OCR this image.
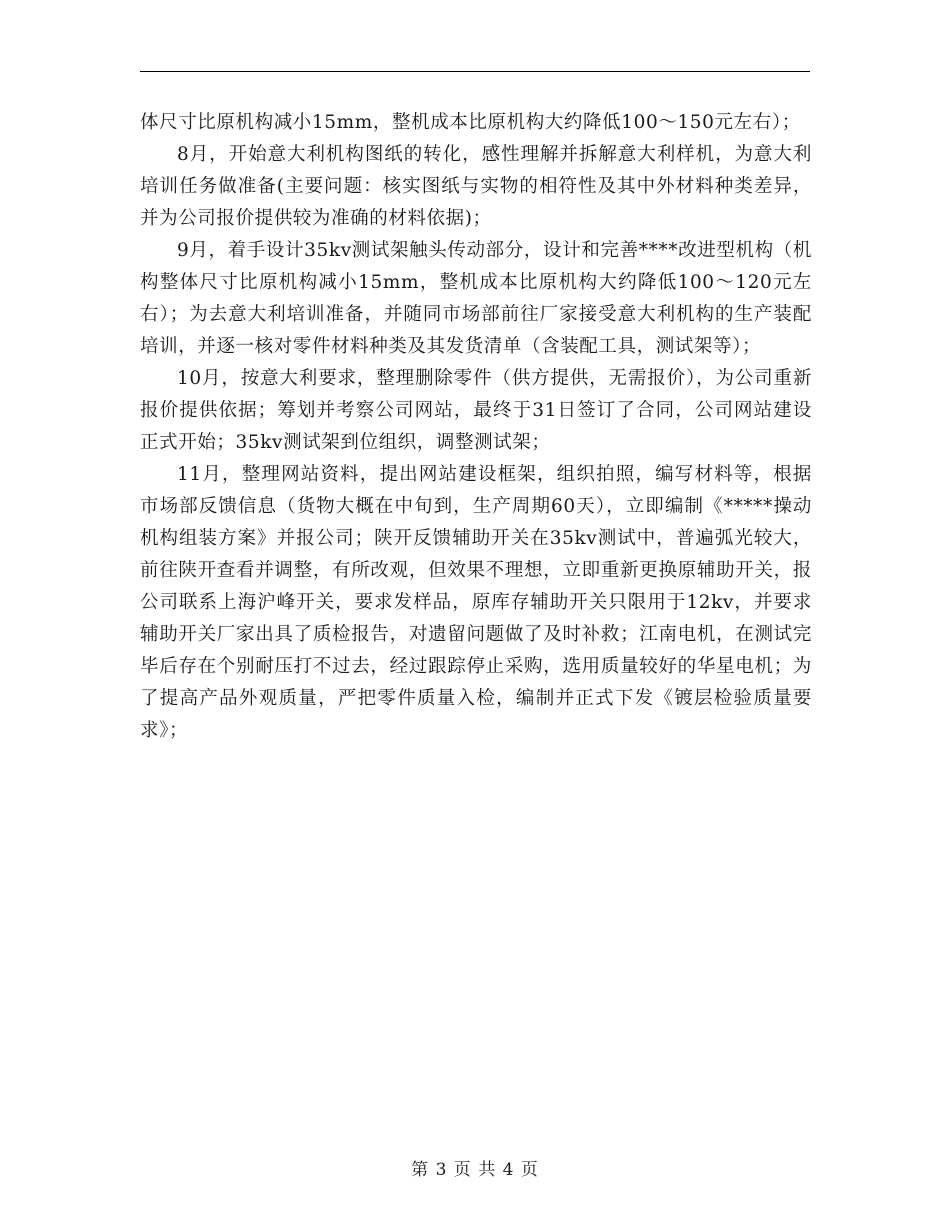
体尺寸比原机构减小15mm，整机成本比原机构大约降低100～150元左右）；

8月，开始意大利机构图纸的转化，感性理解并拆解意大利样机，为意大利培训任务做准备(主要问题：核实图纸与实物的相符性及其中外材料种类差异，并为公司报价提供较为准确的材料依据)；

9月，着手设计35kv测试架触头传动部分，设计和完善****改进型机构（机构整体尺寸比原机构减小15mm，整机成本比原机构大约降低100～120元左右）；为去意大利培训准备，并随同市场部前往厂家接受意大利机构的生产装配培训，并逐一核对零件材料种类及其发货清单（含装配工具，测试架等）；

10月，按意大利要求，整理删除零件（供方提供，无需报价），为公司重新报价提供依据；筹划并考察公司网站，最终于31日签订了合同，公司网站建设正式开始；35kv测试架到位组织，调整测试架；

11月，整理网站资料，提出网站建设框架，组织拍照，编写材料等，根据市场部反馈信息（货物大概在中旬到，生产周期60天），立即编制《*****操动机构组装方案》并报公司；陕开反馈辅助开关在35kv测试中，普遍弧光较大，前往陕开查看并调整，有所改观，但效果不理想，立即重新更换原辅助开关，报公司联系上海沪峰开关，要求发样品，原库存辅助开关只限用于12kv，并要求辅助开关厂家出具了质检报告，对遗留问题做了及时补救；江南电机，在测试完毕后存在个别耐压打不过去，经过跟踪停止采购，选用质量较好的华星电机；为了提高产品外观质量，严把零件质量入检，编制并正式下发《镀层检验质量要求》；

第 3 页 共 4 页
